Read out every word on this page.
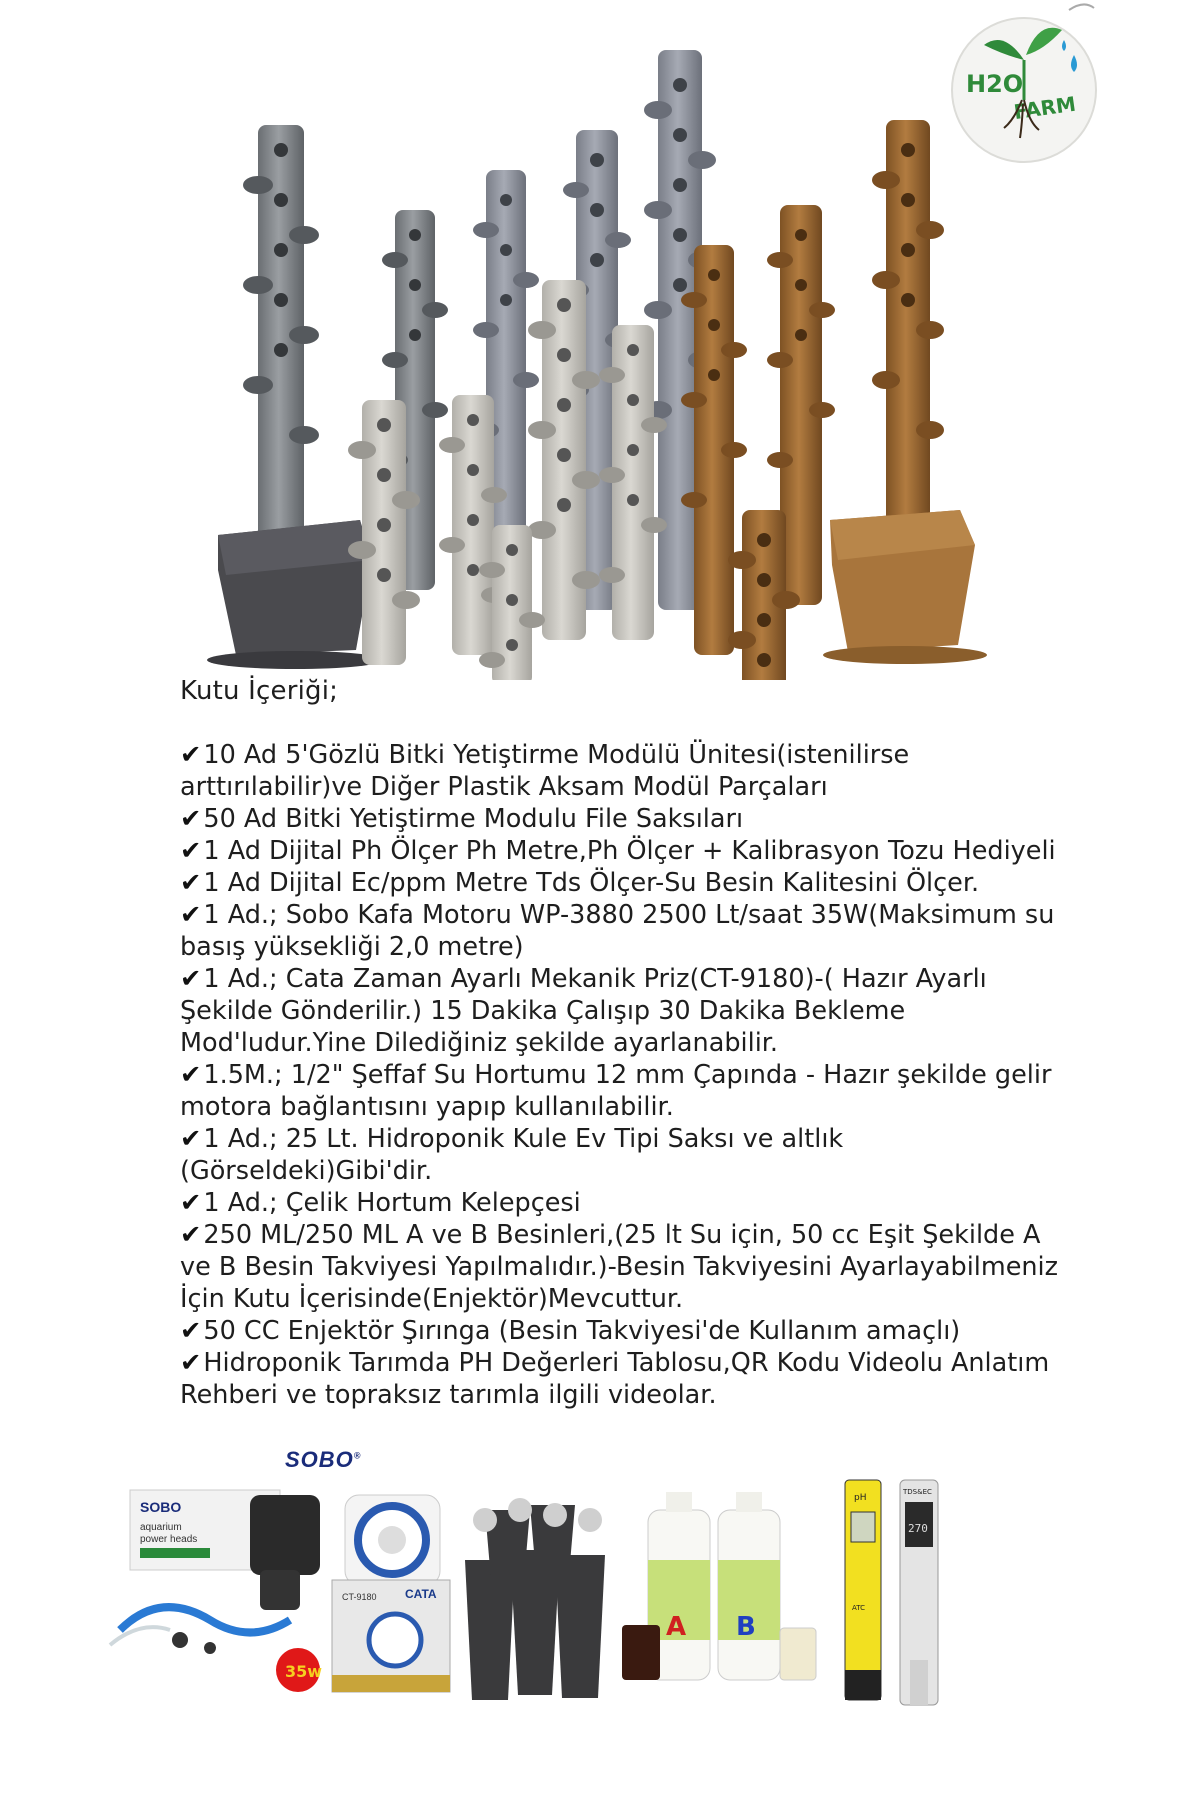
H2O
FARM
Kutu İçeriği;
✔10 Ad 5'Gözlü Bitki Yetiştirme Modülü Ünitesi(istenilirse arttırılabilir)ve Diğer Plastik Aksam Modül Parçaları
✔50 Ad Bitki Yetiştirme Modulu File Saksıları
✔1 Ad Dijital Ph Ölçer Ph Metre,Ph Ölçer + Kalibrasyon Tozu Hediyeli
✔1 Ad Dijital Ec/ppm Metre Tds Ölçer-Su Besin Kalitesini Ölçer.
✔1 Ad.; Sobo Kafa Motoru WP-3880 2500 Lt/saat 35W(Maksimum su basış yüksekliği 2,0 metre)
✔1 Ad.; Cata Zaman Ayarlı Mekanik Priz(CT-9180)-( Hazır Ayarlı Şekilde Gönderilir.) 15 Dakika Çalışıp 30 Dakika Bekleme Mod'ludur.Yine Dilediğiniz şekilde ayarlanabilir.
✔1.5M.; 1/2" Şeffaf Su Hortumu 12 mm Çapında - Hazır şekilde gelir motora bağlantısını yapıp kullanılabilir.
✔1 Ad.; 25 Lt. Hidroponik Kule Ev Tipi Saksı ve altlık (Görseldeki)Gibi'dir.
✔1 Ad.; Çelik Hortum Kelepçesi
✔250 ML/250 ML A ve B Besinleri,(25 lt Su için, 50 cc Eşit Şekilde A ve B Besin Takviyesi Yapılmalıdır.)-Besin Takviyesini Ayarlayabilmeniz İçin Kutu İçerisinde(Enjektör)Mevcuttur.
✔50 CC Enjektör Şırınga (Besin Takviyesi'de Kullanım amaçlı)
✔Hidroponik Tarımda PH Değerleri Tablosu,QR Kodu Videolu Anlatım Rehberi ve topraksız tarımla ilgili videolar.
SOBO®
SOBO
aquarium
power heads
35w
CT-9180 CATA
A B
pH
ATC
TDS&EC
270
